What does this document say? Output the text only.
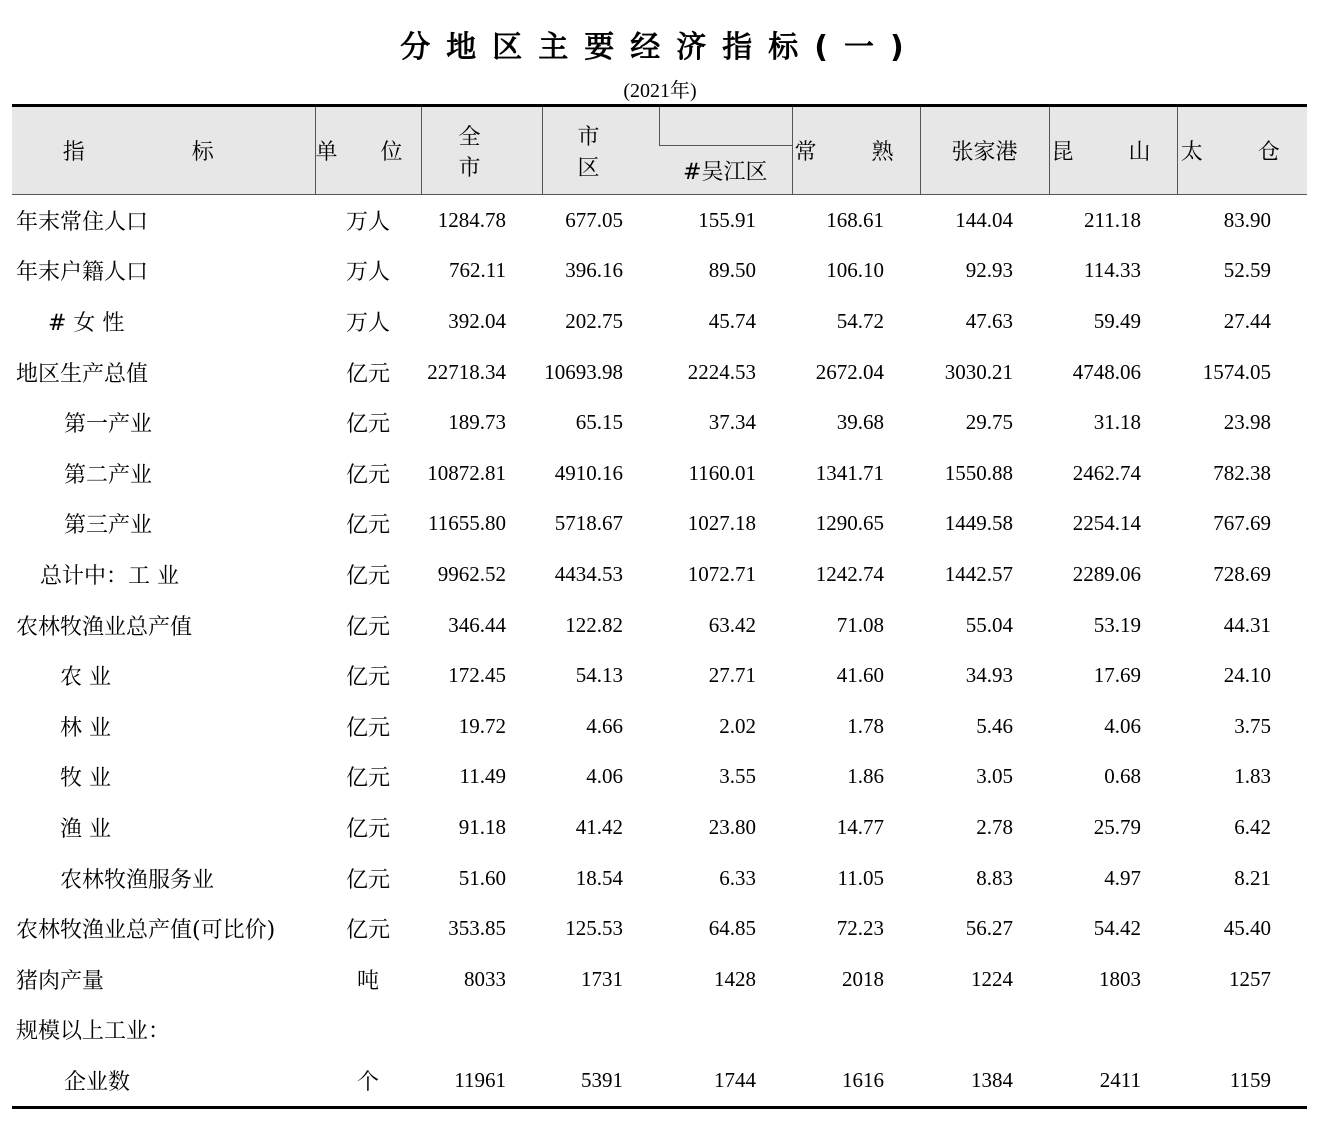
分地区主要经济指标(一)
(2021年)
指 标	单 位	全 市	市 区		常 熟	张家港	昆 山	太 仓
				#吴江区				
年末常住人口	万人	1284.78	677.05	155.91	168.61	144.04	211.18	83.90
年末户籍人口	万人	762.11	396.16	89.50	106.10	92.93	114.33	52.59
# 女 性	万人	392.04	202.75	45.74	54.72	47.63	59.49	27.44
地区生产总值	亿元	22718.34	10693.98	2224.53	2672.04	3030.21	4748.06	1574.05
第一产业	亿元	189.73	65.15	37.34	39.68	29.75	31.18	23.98
第二产业	亿元	10872.81	4910.16	1160.01	1341.71	1550.88	2462.74	782.38
第三产业	亿元	11655.80	5718.67	1027.18	1290.65	1449.58	2254.14	767.69
总计中：工 业	亿元	9962.52	4434.53	1072.71	1242.74	1442.57	2289.06	728.69
农林牧渔业总产值	亿元	346.44	122.82	63.42	71.08	55.04	53.19	44.31
农 业	亿元	172.45	54.13	27.71	41.60	34.93	17.69	24.10
林 业	亿元	19.72	4.66	2.02	1.78	5.46	4.06	3.75
牧 业	亿元	11.49	4.06	3.55	1.86	3.05	0.68	1.83
渔 业	亿元	91.18	41.42	23.80	14.77	2.78	25.79	6.42
农林牧渔服务业	亿元	51.60	18.54	6.33	11.05	8.83	4.97	8.21
农林牧渔业总产值(可比价)	亿元	353.85	125.53	64.85	72.23	56.27	54.42	45.40
猪肉产量	吨	8033	1731	1428	2018	1224	1803	1257
规模以上工业：								
企业数	个	11961	5391	1744	1616	1384	2411	1159
